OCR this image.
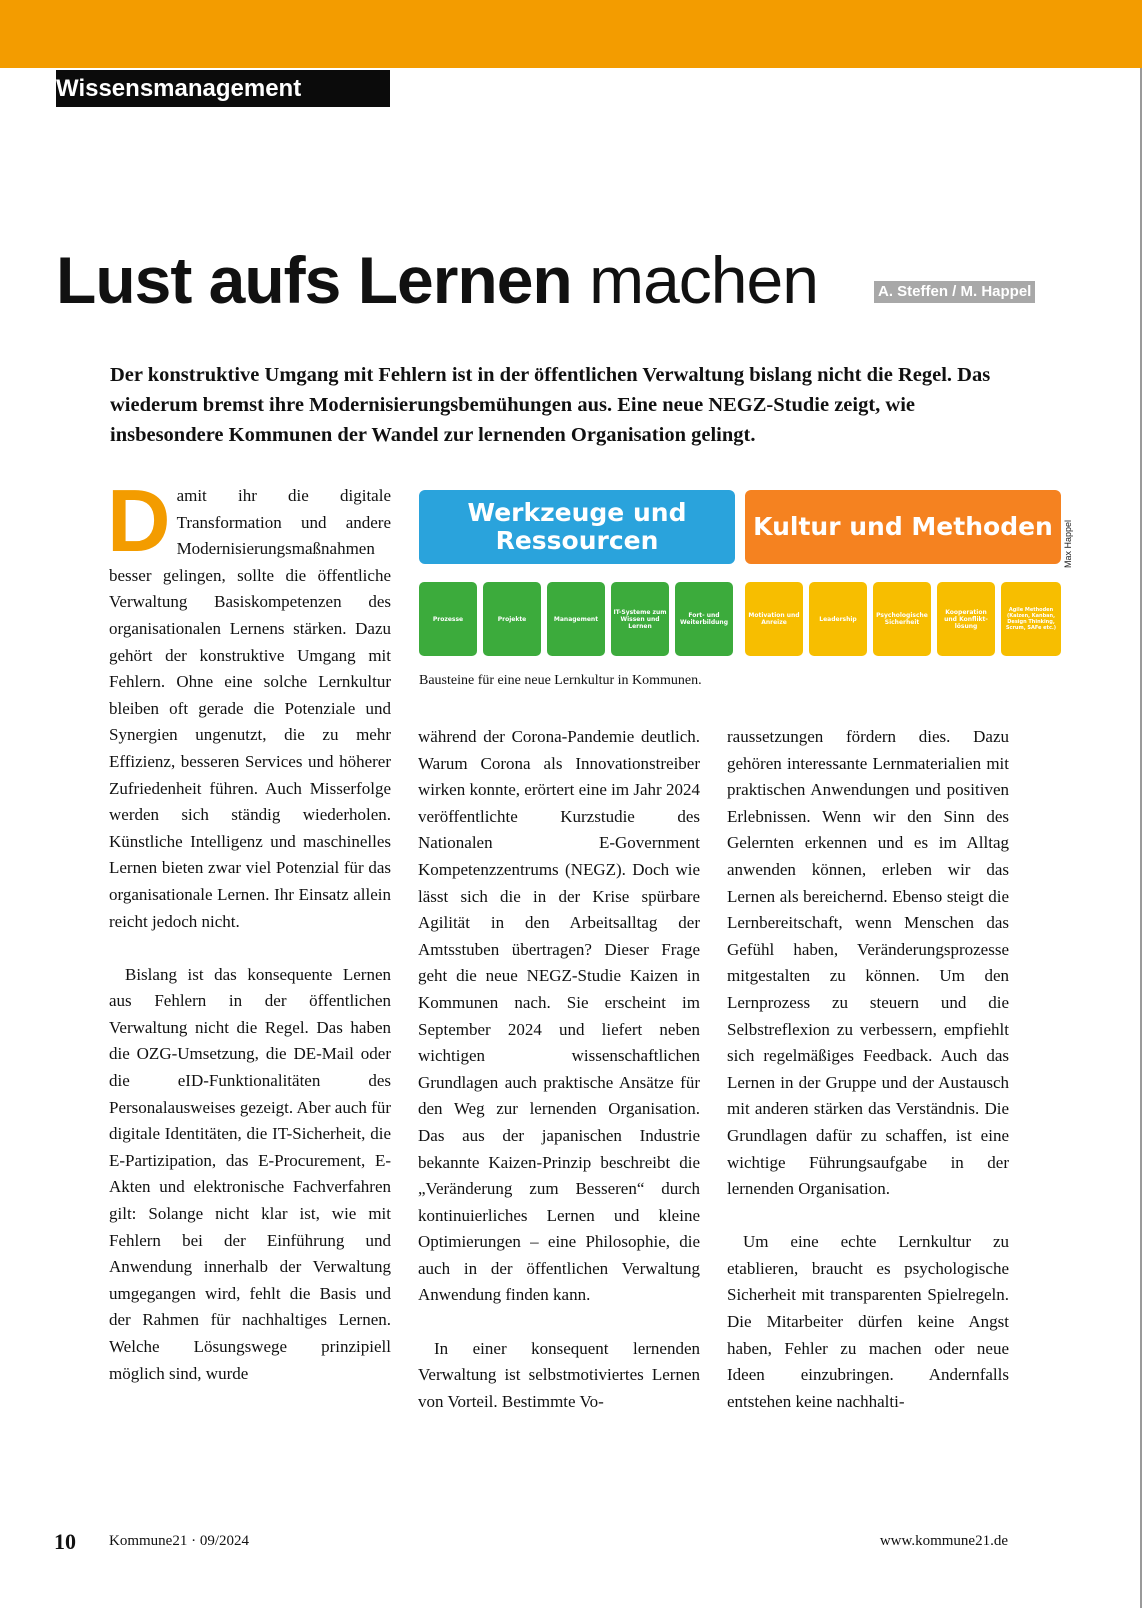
Wissensmanagement
Lust aufs Lernen machen	A. Steffen / M. Happel
Der konstruktive Umgang mit Fehlern ist in der öffentlichen Verwaltung bislang nicht die Regel. Das wiederum bremst ihre Modernisierungsbemühungen aus. Eine neue NEGZ-Studie zeigt, wie insbesondere Kommunen der Wandel zur lernenden Organisation gelingt.

Damit ihr die digitale Transformation und andere Modernisierungsmaßnahmen besser gelingen, sollte die öffentliche Verwaltung Basiskompetenzen des organisationalen Lernens stärken. Dazu gehört der konstruktive Umgang mit Fehlern. Ohne eine solche Lernkultur bleiben oft gerade die Potenziale und Synergien ungenutzt, die zu mehr Effizienz, besseren Services und höherer Zufriedenheit führen. Auch Misserfolge werden sich ständig wiederholen. Künstliche Intelligenz und maschinelles Lernen bieten zwar viel Potenzial für das organisationale Lernen. Ihr Einsatz allein reicht jedoch nicht.

Bislang ist das konsequente Lernen aus Fehlern in der öffentlichen Verwaltung nicht die Regel. Das haben die OZG-Umsetzung, die DE-Mail oder die eID-Funktionalitäten des Personalausweises gezeigt. Aber auch für digitale Identitäten, die IT-Sicherheit, die E-Partizipation, das E-Procurement, E-Akten und elektronische Fachverfahren gilt: Solange nicht klar ist, wie mit Fehlern bei der Einführung und Anwendung innerhalb der Verwaltung umgegangen wird, fehlt die Basis und der Rahmen für nachhaltiges Lernen. Welche Lösungswege prinzipiell möglich sind, wurde

Werkzeuge und Ressourcen	Kultur und Methoden
Prozesse	Projekte	Management
IT-Systeme zum Wissen und Lernen
Fort- und Weiterbildung
Motivation und Anreize	Leadership	Psychologische Sicherheit
Kooperation und Konflikt-lösung
Agile Methoden (Kaizen, Kanban, Design Thinking, Scrum, SAFe etc.)
Max Happel
Bausteine für eine neue Lernkultur in Kommunen.

während der Corona-Pandemie deutlich. Warum Corona als Innovationstreiber wirken konnte, erörtert eine im Jahr 2024 veröffentlichte Kurzstudie des Nationalen E-Government Kompetenzzentrums (NEGZ). Doch wie lässt sich die in der Krise spürbare Agilität in den Arbeitsalltag der Amtsstuben übertragen? Dieser Frage geht die neue NEGZ-Studie Kaizen in Kommunen nach. Sie erscheint im September 2024 und liefert neben wichtigen wissenschaftlichen Grundlagen auch praktische Ansätze für den Weg zur lernenden Organisation. Das aus der japanischen Industrie bekannte Kaizen-Prinzip beschreibt die „Veränderung zum Besseren“ durch kontinuierliches Lernen und kleine Optimierungen – eine Philosophie, die auch in der öffentlichen Verwaltung Anwendung finden kann.

In einer konsequent lernenden Verwaltung ist selbstmotiviertes Lernen von Vorteil. Bestimmte Vo-

raussetzungen fördern dies. Dazu gehören interessante Lernmaterialien mit praktischen Anwendungen und positiven Erlebnissen. Wenn wir den Sinn des Gelernten erkennen und es im Alltag anwenden können, erleben wir das Lernen als bereichernd. Ebenso steigt die Lernbereitschaft, wenn Menschen das Gefühl haben, Veränderungsprozesse mitgestalten zu können. Um den Lernprozess zu steuern und die Selbstreflexion zu verbessern, empfiehlt sich regelmäßiges Feedback. Auch das Lernen in der Gruppe und der Austausch mit anderen stärken das Verständnis. Die Grundlagen dafür zu schaffen, ist eine wichtige Führungsaufgabe in der lernenden Organisation.

Um eine echte Lernkultur zu etablieren, braucht es psychologische Sicherheit mit transparenten Spielregeln. Die Mitarbeiter dürfen keine Angst haben, Fehler zu machen oder neue Ideen einzubringen. Andernfalls entstehen keine nachhalti-

10 Kommune21 · 09/2024	www.kommune21.de
